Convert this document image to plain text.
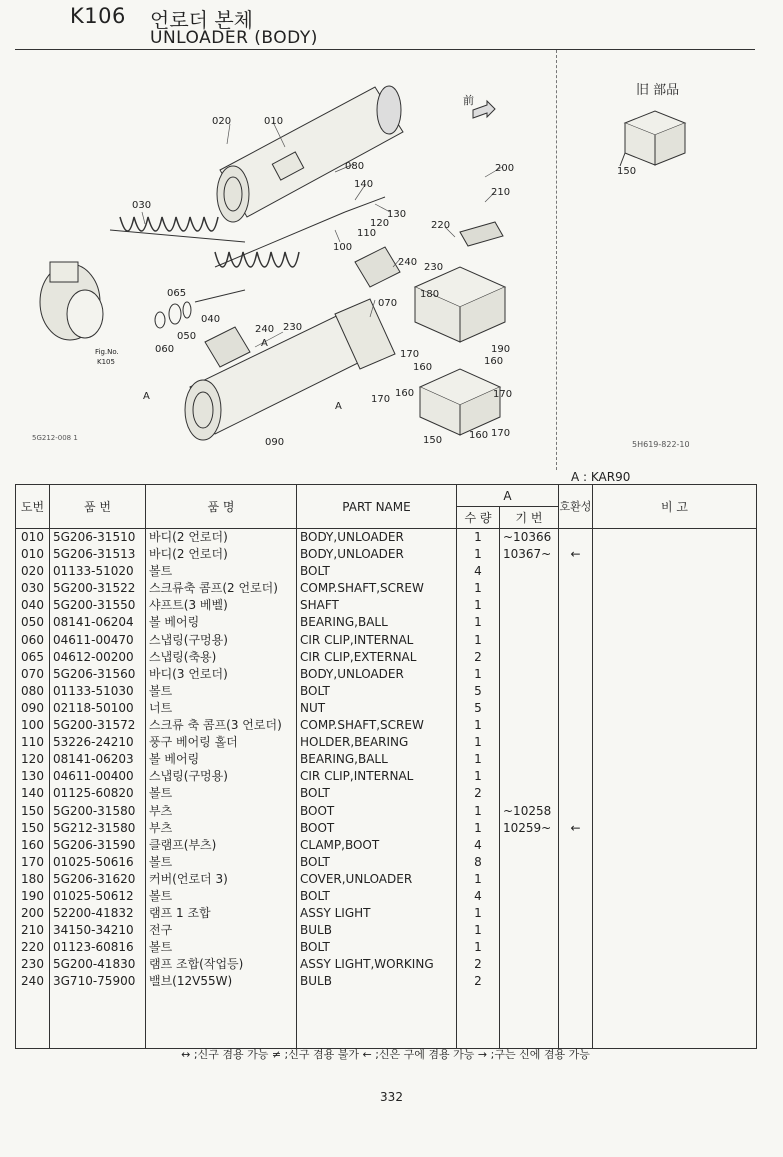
K106 언로더 본체
UNLOADER (BODY)
020	010
030
080
140
130
120
110
100
200
210
220
240 230
065
040
050
060
070
180
240 230
A
170
160
160
190
A
A
170
160	170
150	160 170
090
前
Fig.No.
K105
5G212-008 1
5H619-822-10
旧 部品
150
A : KAR90
도번	품 번	품 명	PART NAME	A		호환성	비 고
				수 량	기 번		
010	5G206-31510	바디(2 언로더)	BODY,UNLOADER	1	~10366		
010	5G206-31513	바디(2 언로더)	BODY,UNLOADER	1	10367~	←	
020	01133-51020	볼트	BOLT	4			
030	5G200-31522	스크류축 콤프(2 언로더)	COMP.SHAFT,SCREW	1			
040	5G200-31550	샤프트(3 베벨)	SHAFT	1			
050	08141-06204	볼 베어링	BEARING,BALL	1			
060	04611-00470	스냅링(구멍용)	CIR CLIP,INTERNAL	1			
065	04612-00200	스냅링(축용)	CIR CLIP,EXTERNAL	2			
070	5G206-31560	바디(3 언로더)	BODY,UNLOADER	1			
080	01133-51030	볼트	BOLT	5			
090	02118-50100	너트	NUT	5			
100	5G200-31572	스크류 축 콤프(3 언로더)	COMP.SHAFT,SCREW	1			
110	53226-24210	풍구 베어링 홀더	HOLDER,BEARING	1			
120	08141-06203	볼 베어링	BEARING,BALL	1			
130	04611-00400	스냅링(구멍용)	CIR CLIP,INTERNAL	1			
140	01125-60820	볼트	BOLT	2			
150	5G200-31580	부츠	BOOT	1	~10258		
150	5G212-31580	부츠	BOOT	1	10259~	←	
160	5G206-31590	클램프(부츠)	CLAMP,BOOT	4			
170	01025-50616	볼트	BOLT	8			
180	5G206-31620	커버(언로더 3)	COVER,UNLOADER	1			
190	01025-50612	볼트	BOLT	4			
200	52200-41832	램프 1 조합	ASSY LIGHT	1			
210	34150-34210	전구	BULB	1			
220	01123-60816	볼트	BOLT	1			
230	5G200-41830	램프 조합(작업등)	ASSY LIGHT,WORKING	2			
240	3G710-75900	밸브(12V55W)	BULB	2			

↔ ;신구 겸용 가능 ≠ ;신구 겸용 불가 ← ;신은 구에 겸용 가능 → ;구는 신에 겸용 가능
332
